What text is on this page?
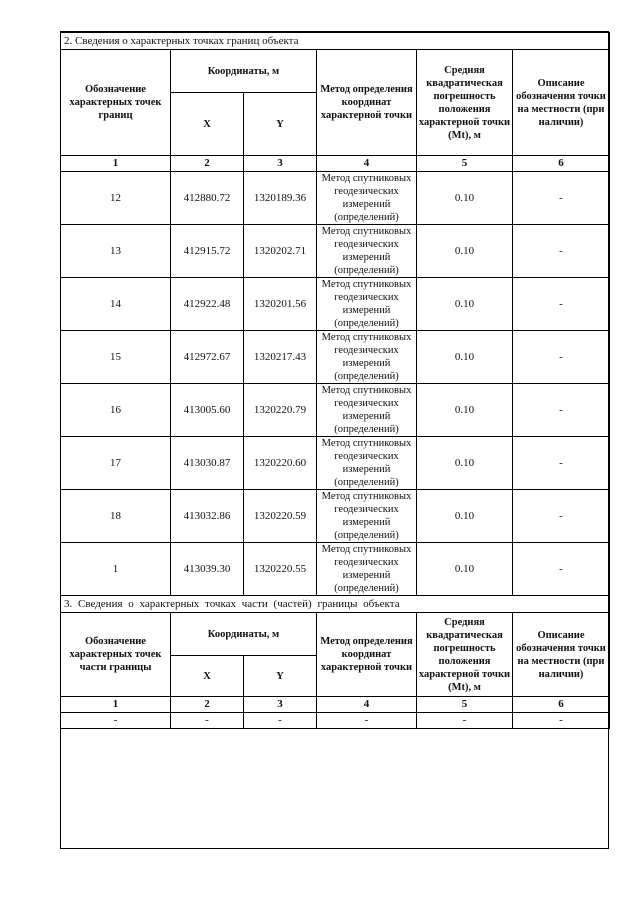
2. Сведения о характерных точках границ объекта					
Обозначение характерных точек границ	Координаты, м		Метод определения координат характерной точки	Средняя квадратическая погрешность положения характерной точки (Mt), м	Описание обозначения точки на местности (при наличии)
	X	Y			
1	2	3	4	5	6
12	412880.72	1320189.36	Метод спутниковых геодезических измерений (определений)	0.10	-
13	412915.72	1320202.71	Метод спутниковых геодезических измерений (определений)	0.10	-
14	412922.48	1320201.56	Метод спутниковых геодезических измерений (определений)	0.10	-
15	412972.67	1320217.43	Метод спутниковых геодезических измерений (определений)	0.10	-
16	413005.60	1320220.79	Метод спутниковых геодезических измерений (определений)	0.10	-
17	413030.87	1320220.60	Метод спутниковых геодезических измерений (определений)	0.10	-
18	413032.86	1320220.59	Метод спутниковых геодезических измерений (определений)	0.10	-
1	413039.30	1320220.55	Метод спутниковых геодезических измерений (определений)	0.10	-
3. Сведения о характерных точках части (частей) границы объекта					
Обозначение характерных точек части границы	Координаты, м		Метод определения координат характерной точки	Средняя квадратическая погрешность положения характерной точки (Mt), м	Описание обозначения точки на местности (при наличии)
	X	Y			
1	2	3	4	5	6
-	-	-	-	-	-
